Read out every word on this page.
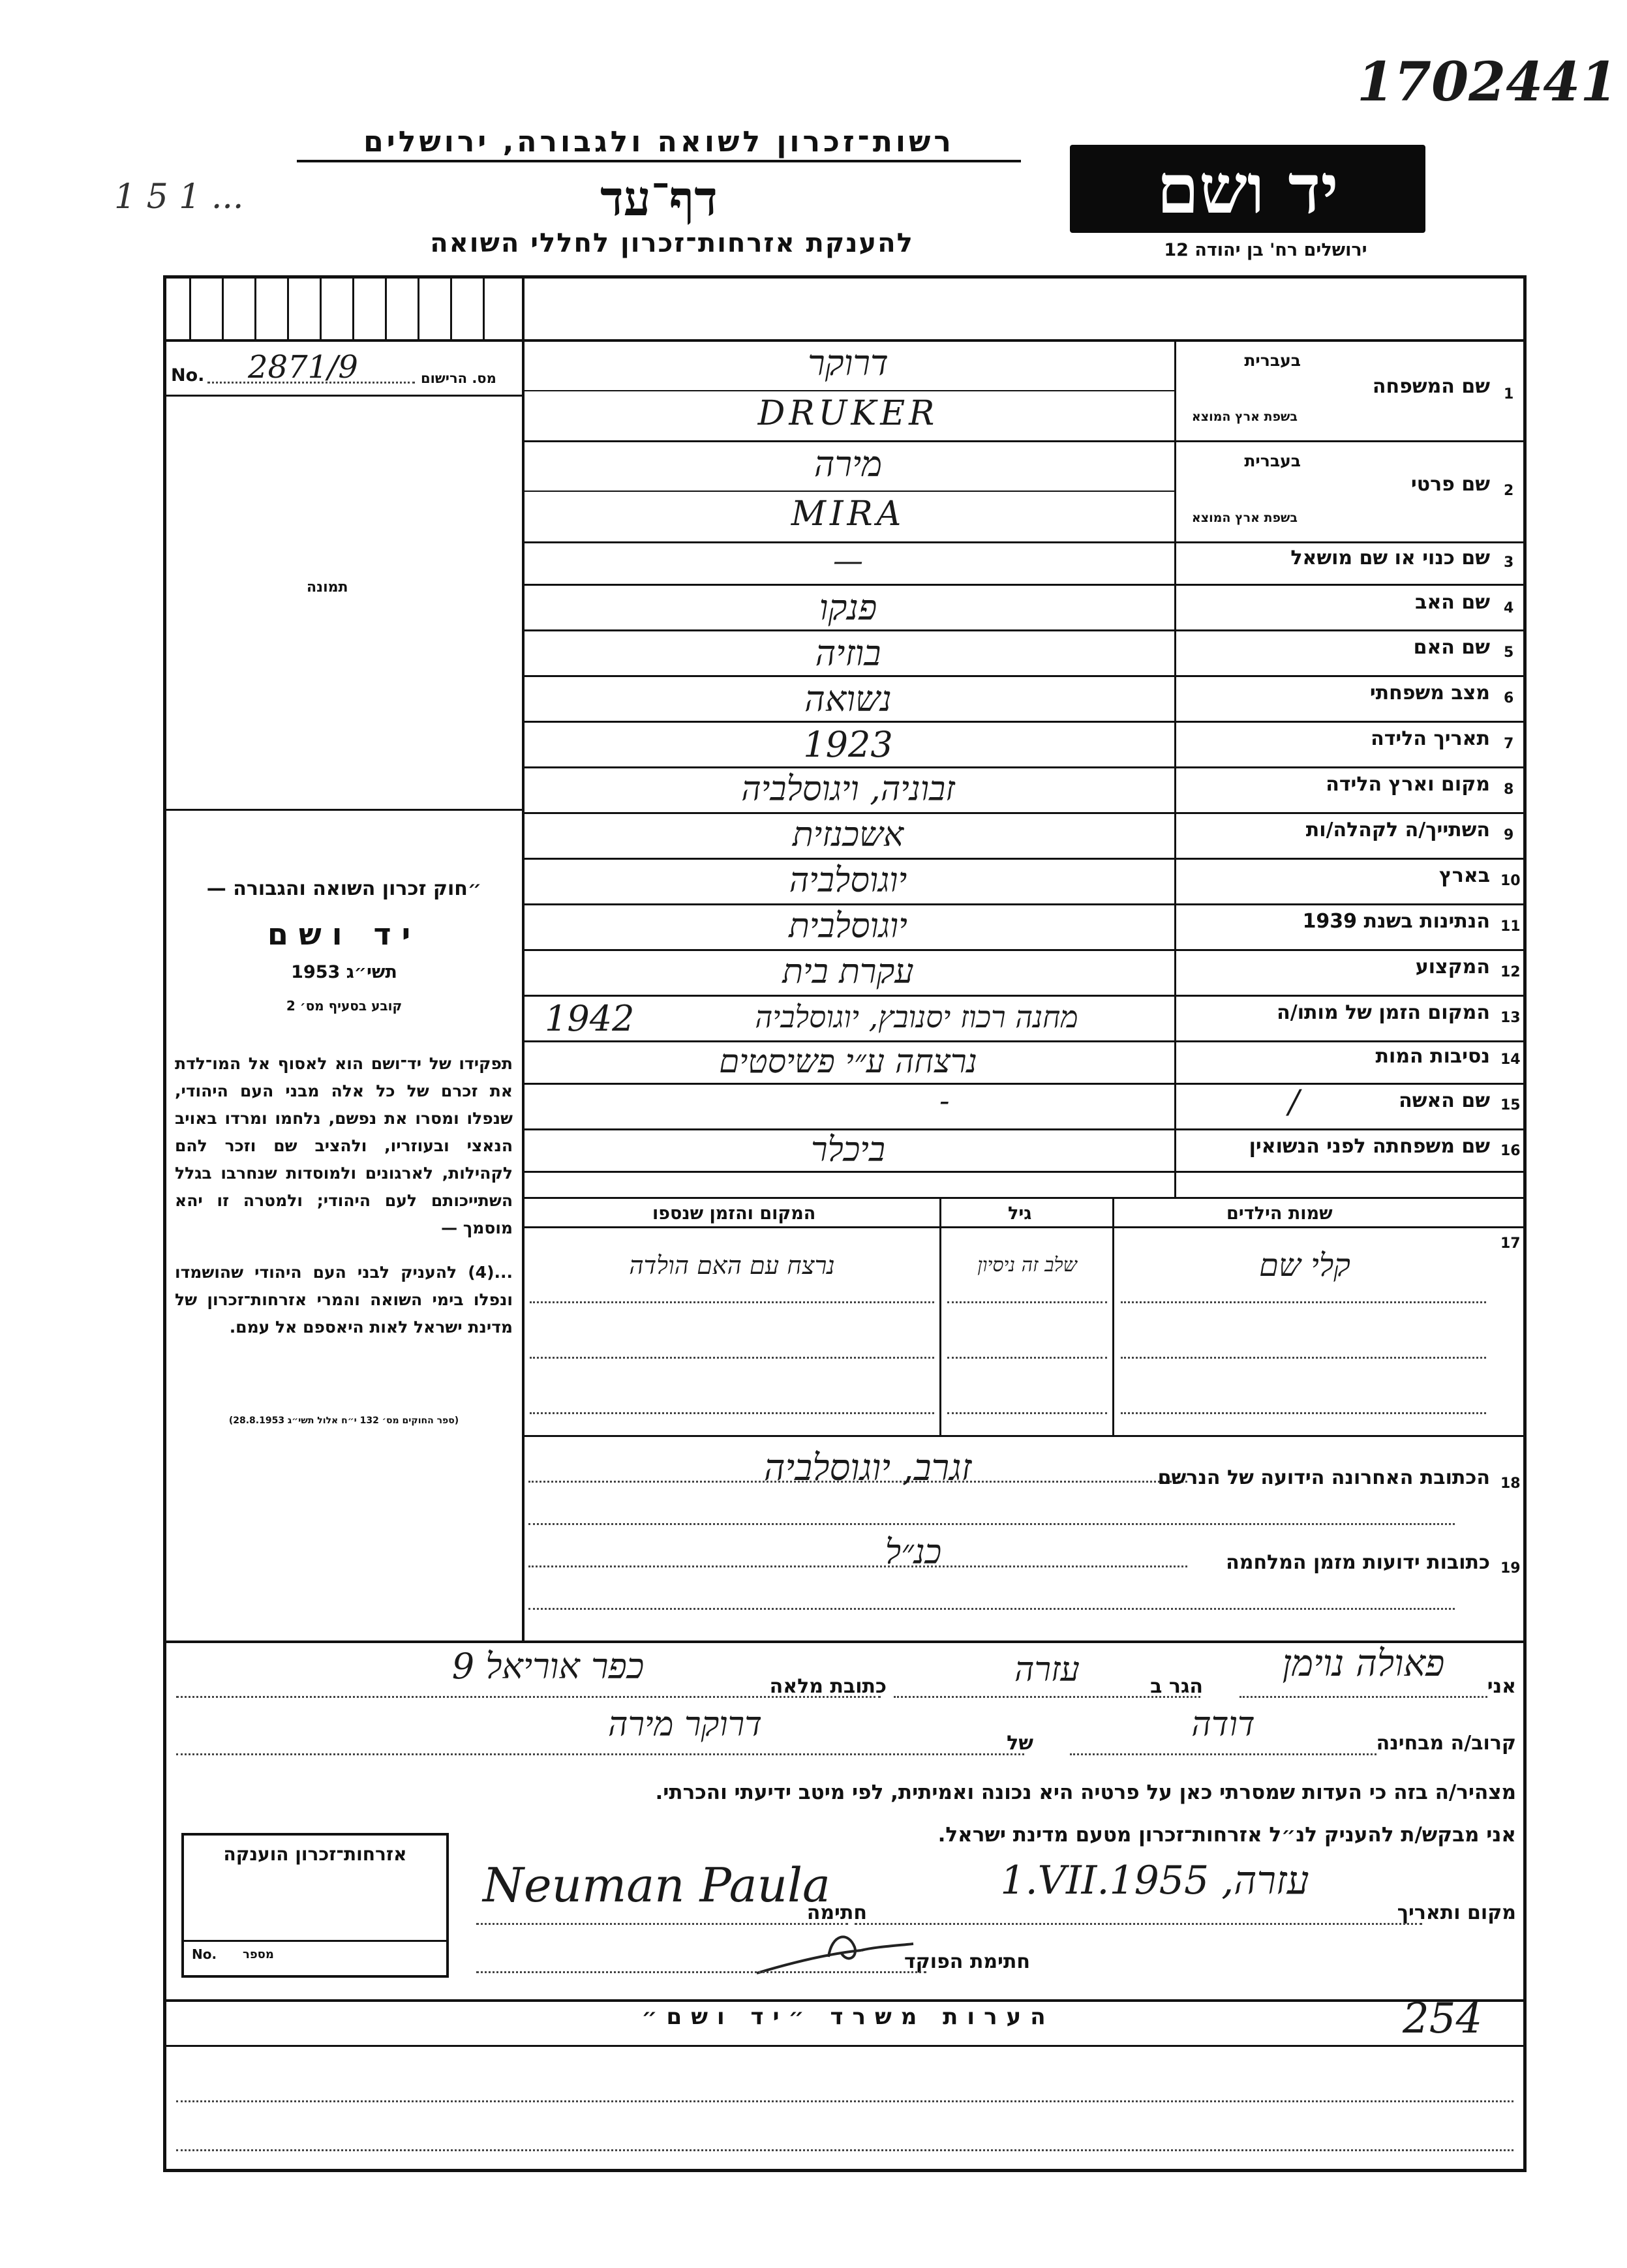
1702441
1 5 1 ...
רשות־זכרון לשואה ולגבורה, ירושלים
דף־עד
להענקת אזרחות־זכרון לחללי השואה
יד ושם
ירושלים רח' בן יהודה 12
מס. הרישום
No. 2871/9
תמונה
״חוק זכרון השואה והגבורה —
יד ושם
תשי״ג 1953
קובע בסעיף מס׳ 2
תפקידו של יד־ושם הוא לאסוף אל המו־לדת את זכרם של כל אלה מבני העם היהודי, שנפלו ומסרו את נפשם, נלחמו ומרדו באויב הנאצי ובעוזריו, ולהציב שם וזכר להם לקהילות, לארגונים ולמוסדות שנחרבו בגלל השתייכותם לעם היהודי; ולמטרה זו יהא מוסמך —
...(4) להעניק לבני העם היהודי שהושמדו ונפלו בימי השואה והמרי אזרחות־זכרון של מדינת ישראל לאות היאספם אל עמם.
(ספר החוקים מס׳ 132 י״ח אלול תשי״ג 28.8.1953)
1
שם המשפחה
בעברית
בשפת ארץ המוצא
דרוקר
DRUKER
2
שם פרטי
בעברית
בשפת ארץ המוצא
מירה
MIRA
3
שם כנוי או שם מושאל
—
4
שם האב
פנקו
5
שם האם
בוזיה
6
מצב משפחתי
נשואה
7
תאריך הלידה
1923
8
מקום וארץ הלידה
זבוניה, ויגוסלביה
9
השתייך/ה לקהלה/ות
אשכנזית
10
בארץ
יוגוסלביה
11
הנתינות בשנת 1939
יוגוסלבית
12
המקצוע
עקרת בית
13
המקום הזמן של מותו/ה
1942	מחנה רכוז יסנובץ, יוגוסלביה
14
נסיבות המות
נרצחה ע״י פשיסטים
15
שם האשה
/
-
16
שם משפחתה לפני הנשואין
ביכלר
17
שמות הילדים
גיל
המקום והזמן שנספו
קלי שם
שלב זה ניסיון
נרצח עם האם הולדה
18
הכתובת האחרונה הידועה של הנרשם
זגרב, יוגוסלביה
19
כתובות ידועות מזמן המלחמה
כנ״ל
אני
פאולה נוימן
הגר ב
עזרה
כתובת מלאה
כפר אוריאל 9
קרוב/ה מבחינה
דודה
של
דרוקר מירה
מצהיר/ה בזה כי העדות שמסרתי כאן על פרטיה היא נכונה ואמיתית, לפי מיטב ידיעתי והכרתי.
אני מבקש/ת להעניק לנ״ל אזרחות־זכרון מטעם מדינת ישראל.
מקום ותאריך
1.VII.1955 ,עזרה
חתימה
Neuman Paula
חתימת הפוקד
אזרחות־זכרון הוענקה
No. מספר
הערות משרד ״יד ושם״	254
